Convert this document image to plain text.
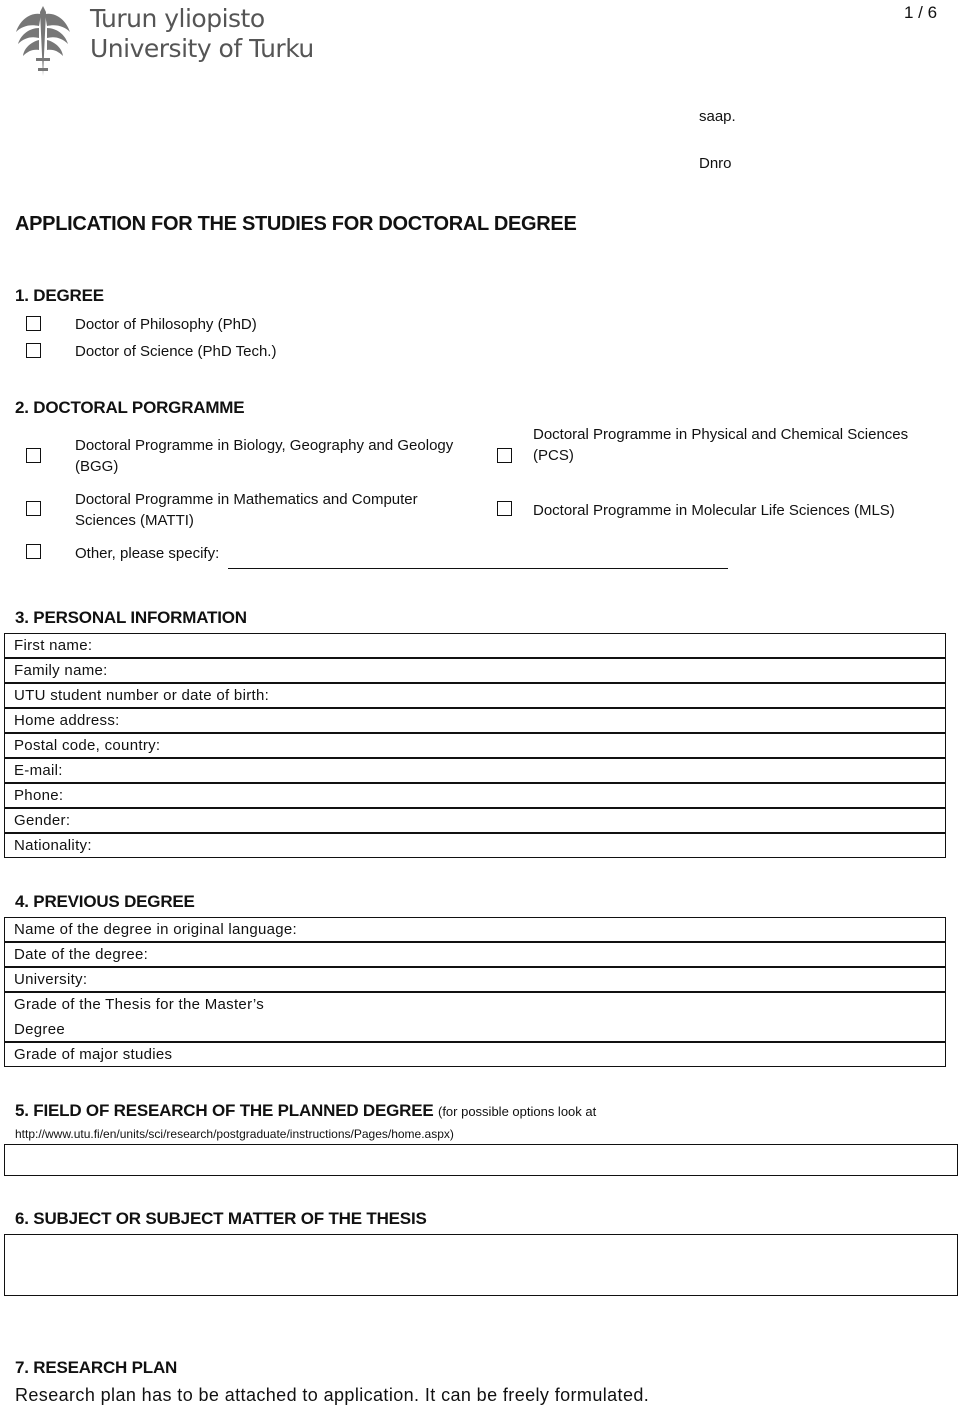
Turun yliopisto
University of Turku
1 / 6
saap.
Dnro
APPLICATION FOR THE STUDIES FOR DOCTORAL DEGREE
1. DEGREE
Doctor of Philosophy (PhD)
Doctor of Science (PhD Tech.)
2. DOCTORAL PORGRAMME
Doctoral Programme in Biology, Geography and Geology
(BGG)
Doctoral Programme in Physical and Chemical Sciences
(PCS)
Doctoral Programme in Mathematics and Computer
Sciences (MATTI)
Doctoral Programme in Molecular Life Sciences (MLS)
Other, please specify:
3. PERSONAL INFORMATION
First name:
Family name:
UTU student number or date of birth:
Home address:
Postal code, country:
E-mail:
Phone:
Gender:
Nationality:
4. PREVIOUS DEGREE
Name of the degree in original language:
Date of the degree:
University:
Grade of the Thesis for the Master’s
Degree
Grade of major studies
5. FIELD OF RESEARCH OF THE PLANNED DEGREE (for possible options look at
http://www.utu.fi/en/units/sci/research/postgraduate/instructions/Pages/home.aspx)
6. SUBJECT OR SUBJECT MATTER OF THE THESIS
7. RESEARCH PLAN
Research plan has to be attached to application. It can be freely formulated.
